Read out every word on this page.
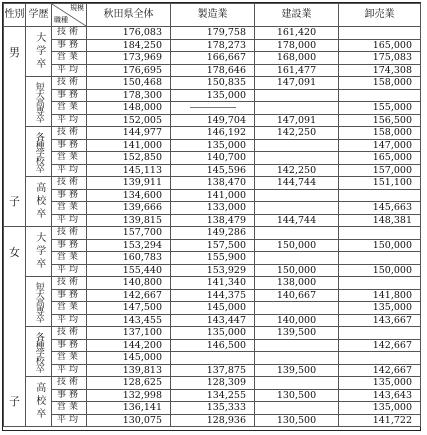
性別	学歴	規模
職種	秋田県全体	製造業	建設業	卸売業

男
子	大学卒	技術	176,083	179,758	161,420	
		事務	184,250	178,273	178,000	165,000
		営業	173,969	166,667	168,000	175,083
		平均	176,695	178,646	161,477	174,308

	短大高専卒	技術	150,468	150,835	147,091	158,000
		事務	178,300	135,000		
		営業	148,000			155,000
		平均	152,005	149,704	147,091	156,500

	各種学校卒	技術	144,977	146,192	142,250	158,000
		事務	141,000	135,000		147,000
		営業	152,850	140,700		165,000
		平均	145,113	145,596	142,250	157,000

	高校卒	技術	139,911	138,470	144,744	151,100
		事務	134,600	141,000		
		営業	139,666	133,000		145,663
		平均	139,815	138,479	144,744	148,381

女
子	大学卒	技術	157,700	149,286		
		事務	153,294	157,500	150,000	150,000
		営業	160,783	155,900		
		平均	155,440	153,929	150,000	150,000

	短大高専卒	技術	140,800	141,340	138,000	
		事務	142,667	144,375	140,667	141,800
		営業	147,500	145,000		135,000
		平均	143,455	143,447	140,000	143,667

	各種学校卒	技術	137,100	135,000	139,500	
		事務	144,200	146,500		142,667
		営業	145,000			
		平均	139,813	137,875	139,500	142,667

	高校卒	技術	128,625	128,309		135,000
		事務	132,998	134,255	130,500	143,643
		営業	136,141	135,333		135,000
		平均	130,075	128,936	130,500	141,722
